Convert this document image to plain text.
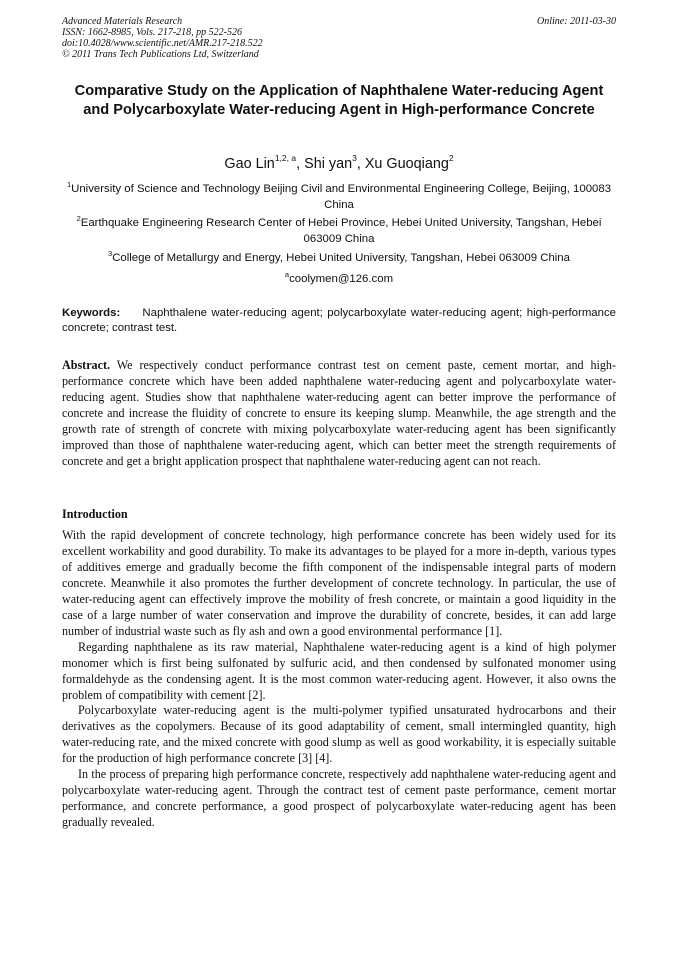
Advanced Materials Research
ISSN: 1662-8985, Vols. 217-218, pp 522-526
doi:10.4028/www.scientific.net/AMR.217-218.522
© 2011 Trans Tech Publications Ltd, Switzerland
Online: 2011-03-30
Comparative Study on the Application of Naphthalene Water-reducing Agent and Polycarboxylate Water-reducing Agent in High-performance Concrete
Gao Lin$^{1,2, a}$, Shi yan$^3$, Xu Guoqiang$^2$
$^1$University of Science and Technology Beijing Civil and Environmental Engineering College, Beijing, 100083 China
$^2$Earthquake Engineering Research Center of Hebei Province, Hebei United University, Tangshan, Hebei 063009 China
$^3$College of Metallurgy and Energy, Hebei United University, Tangshan, Hebei 063009 China
$^a$coolymen@126.com
Keywords: Naphthalene water-reducing agent; polycarboxylate water-reducing agent; high-performance concrete; contrast test.
Abstract. We respectively conduct performance contrast test on cement paste, cement mortar, and high-performance concrete which have been added naphthalene water-reducing agent and polycarboxylate water-reducing agent. Studies show that naphthalene water-reducing agent can better improve the performance of concrete and increase the fluidity of concrete to ensure its keeping slump. Meanwhile, the age strength and the growth rate of strength of concrete with mixing polycarboxylate water-reducing agent has been significantly improved than those of naphthalene water-reducing agent, which can better meet the strength requirements of concrete and get a bright application prospect that naphthalene water-reducing agent can not reach.
Introduction

With the rapid development of concrete technology, high performance concrete has been widely used for its excellent workability and good durability. To make its advantages to be played for a more in-depth, various types of additives emerge and gradually become the fifth component of the indispensable integral parts of modern concrete. Meanwhile it also promotes the further development of concrete technology. In particular, the use of water-reducing agent can effectively improve the mobility of fresh concrete, or maintain a good liquidity in the case of a large number of water conservation and improve the durability of concrete, besides, it can add large number of industrial waste such as fly ash and own a good environmental performance [1].

Regarding naphthalene as its raw material, Naphthalene water-reducing agent is a kind of high polymer monomer which is first being sulfonated by sulfuric acid, and then condensed by sulfonated monomer using formaldehyde as the condensing agent. It is the most common water-reducing agent. However, it also owns the problem of compatibility with cement [2].

Polycarboxylate water-reducing agent is the multi-polymer typified unsaturated hydrocarbons and their derivatives as the copolymers. Because of its good adaptability of cement, small intermingled quantity, high water-reducing rate, and the mixed concrete with good slump as well as good workability, it is especially suitable for the production of high performance concrete [3] [4].

In the process of preparing high performance concrete, respectively add naphthalene water-reducing agent and polycarboxylate water-reducing agent. Through the contract test of cement paste performance, cement mortar performance, and concrete performance, a good prospect of polycarboxylate water-reducing agent has been gradually revealed.
